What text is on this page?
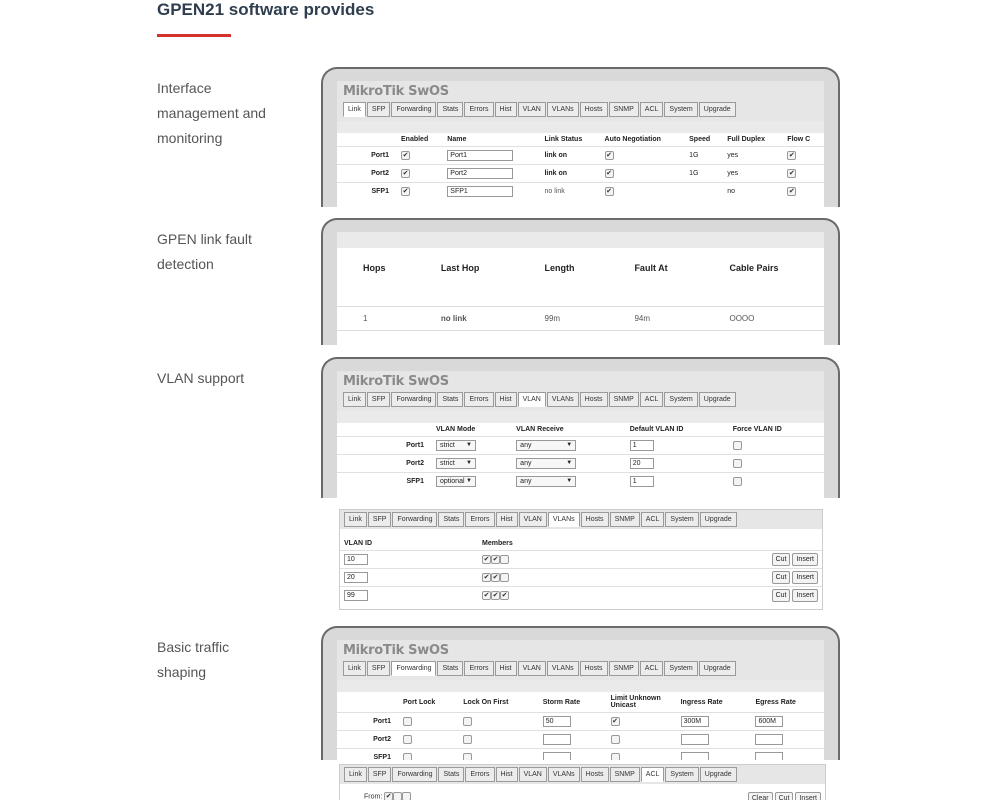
GPEN21 software provides
Interface management and monitoring
GPEN link fault detection
VLAN support
Basic traffic shaping
MikroTik SwOS
Link	SFP	Forwarding	Stats	Errors	Hist	VLAN	VLANs	Hosts	SNMP	ACL	System	Upgrade
	Enabled	Name	Link Status	Auto Negotiation	Speed	Full Duplex	Flow C
Port1	✔	Port1	link on	✔	1G	yes	✔
Port2	✔	Port2	link on	✔	1G	yes	✔
SFP1	✔	SFP1	no link	✔		no	✔
Hops	Last Hop	Length	Fault At	Cable Pairs

1	no link	99m	94m	OOOO
MikroTik SwOS
Link	SFP	Forwarding	Stats	Errors	Hist	VLAN	VLANs	Hosts	SNMP	ACL	System	Upgrade
	VLAN Mode	VLAN Receive	Default VLAN ID	Force VLAN ID
Port1	strict ▼	any ▼	1	
Port2	strict ▼	any ▼	20	
SFP1	optional ▼	any ▼	1	
Link	SFP	Forwarding	Stats	Errors	Hist	VLAN	VLANs	Hosts	SNMP	ACL	System	Upgrade
VLAN ID	Members	
10	✔ ✔	Cut Insert
20	✔ ✔	Cut Insert
99	✔ ✔ ✔	Cut Insert
MikroTik SwOS
Link	SFP	Forwarding	Stats	Errors	Hist	VLAN	VLANs	Hosts	SNMP	ACL	System	Upgrade
	Port Lock	Lock On First	Storm Rate	Limit Unknown Unicast	Ingress Rate	Egress Rate
Port1			50	✔	300M	600M
Port2						
SFP1						
Link	SFP	Forwarding	Stats	Errors	Hist	VLAN	VLANs	Hosts	SNMP	ACL	System	Upgrade
From: ✔	Clear Cut Insert
